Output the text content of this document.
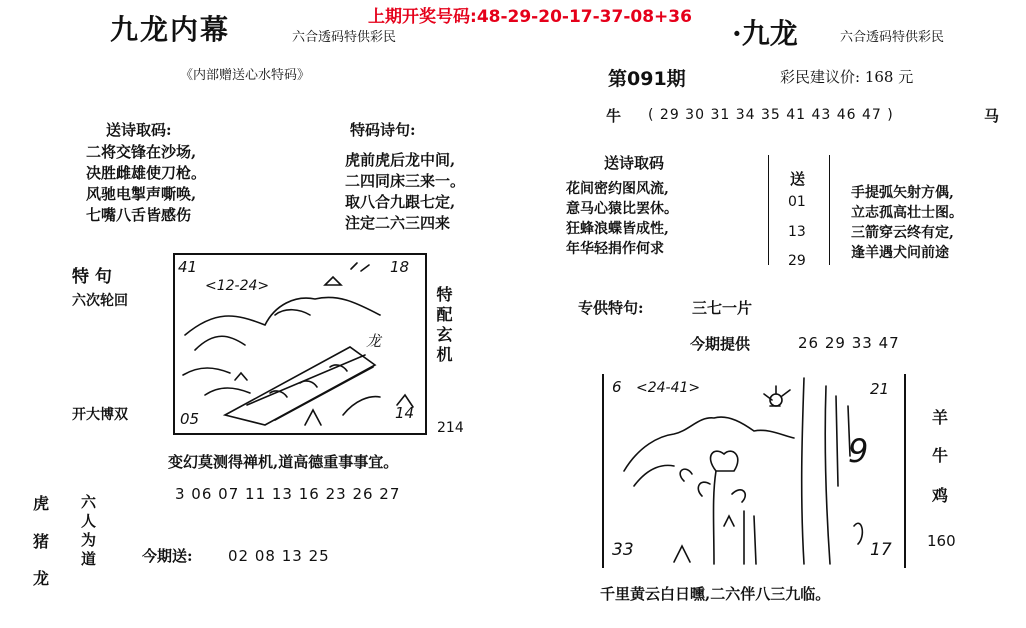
上期开奖号码:48-29-20-17-37-08+36
九龙内幕	六合透码特供彩民
《内部赠送心水特码》
送诗取码:
二将交锋在沙场,
决胜雌雄使刀枪。
风驰电掣声嘶唤,
七嘴八舌皆感伤
特码诗句:
虎前虎后龙中间,
二四同床三来一。
取八合九跟七定,
注定二六三四来
特 句
六次轮回
开大博双
41
<12-24>
18
05	14
龙	特配玄机
214
变幻莫测得禅机,道高德重事事宜。
3 06 07 11 13 16 23 26 27
虎
猪
龙
六人为道	今期送: 02 08 13 25
·九龙	六合透码特供彩民
第091期	彩民建议价: 168 元
牛 ( 29 30 31 34 35 41 43 46 47 )	马
送诗取码
花间密约图风流,
意马心猿比罢休。
狂蜂浪蝶皆成性,
年华轻捐作何求
送
01
13
29
手提弧矢射方偶,
立志孤高壮士图。
三箭穿云终有定,
逢羊遇犬问前途
专供特句:	三七一片
今期提供	26 29 33 47
6 <24-41>	21
9
33	17
羊
牛
鸡
160
千里黄云白日曛,二六伴八三九临。
